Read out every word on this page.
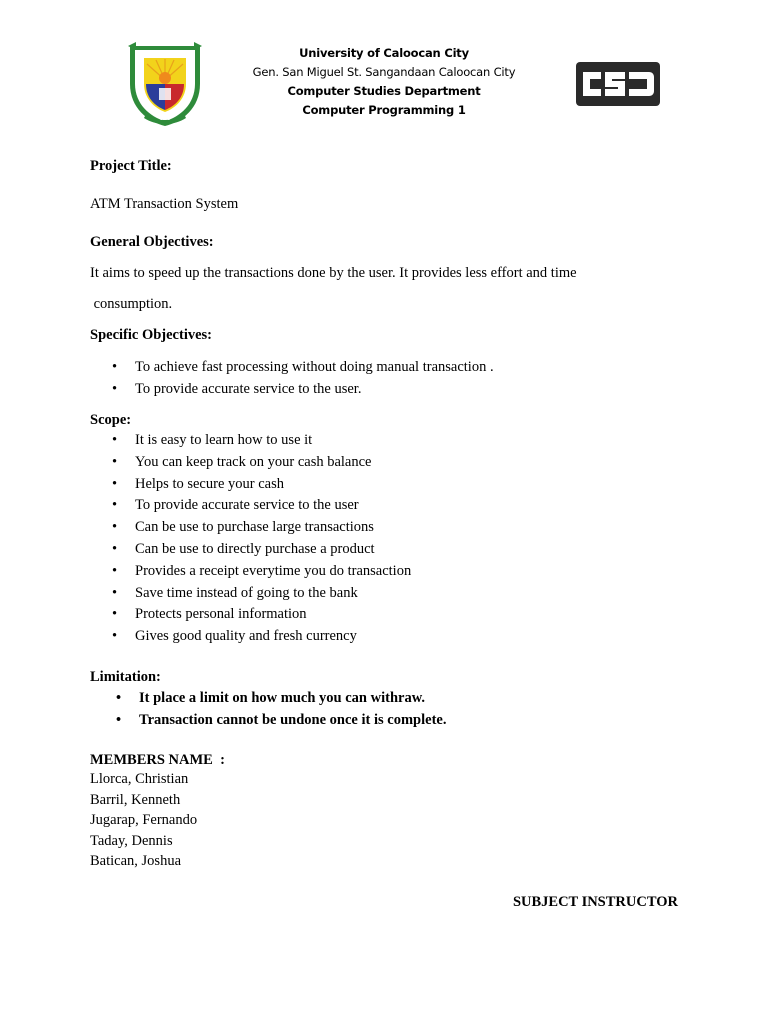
1971
University of Caloocan City
Gen. San Miguel St. Sangandaan Caloocan City
Computer Studies Department
Computer Programming 1
Project Title:
ATM Transaction System
General Objectives:
It aims to speed up the transactions done by the user. It provides less effort and time
consumption.
Specific Objectives:
• To achieve fast processing without doing manual transaction .
• To provide accurate service to the user.
Scope:
• It is easy to learn how to use it
• You can keep track on your cash balance
• Helps to secure your cash
• To provide accurate service to the user
• Can be use to purchase large transactions
• Can be use to directly purchase a product
• Provides a receipt everytime you do transaction
• Save time instead of going to the bank
• Protects personal information
• Gives good quality and fresh currency
Limitation:
• It place a limit on how much you can withraw.
• Transaction cannot be undone once it is complete.
MEMBERS NAME  :
Llorca, Christian
Barril, Kenneth
Jugarap, Fernando
Taday, Dennis
Batican, Joshua
SUBJECT INSTRUCTOR
